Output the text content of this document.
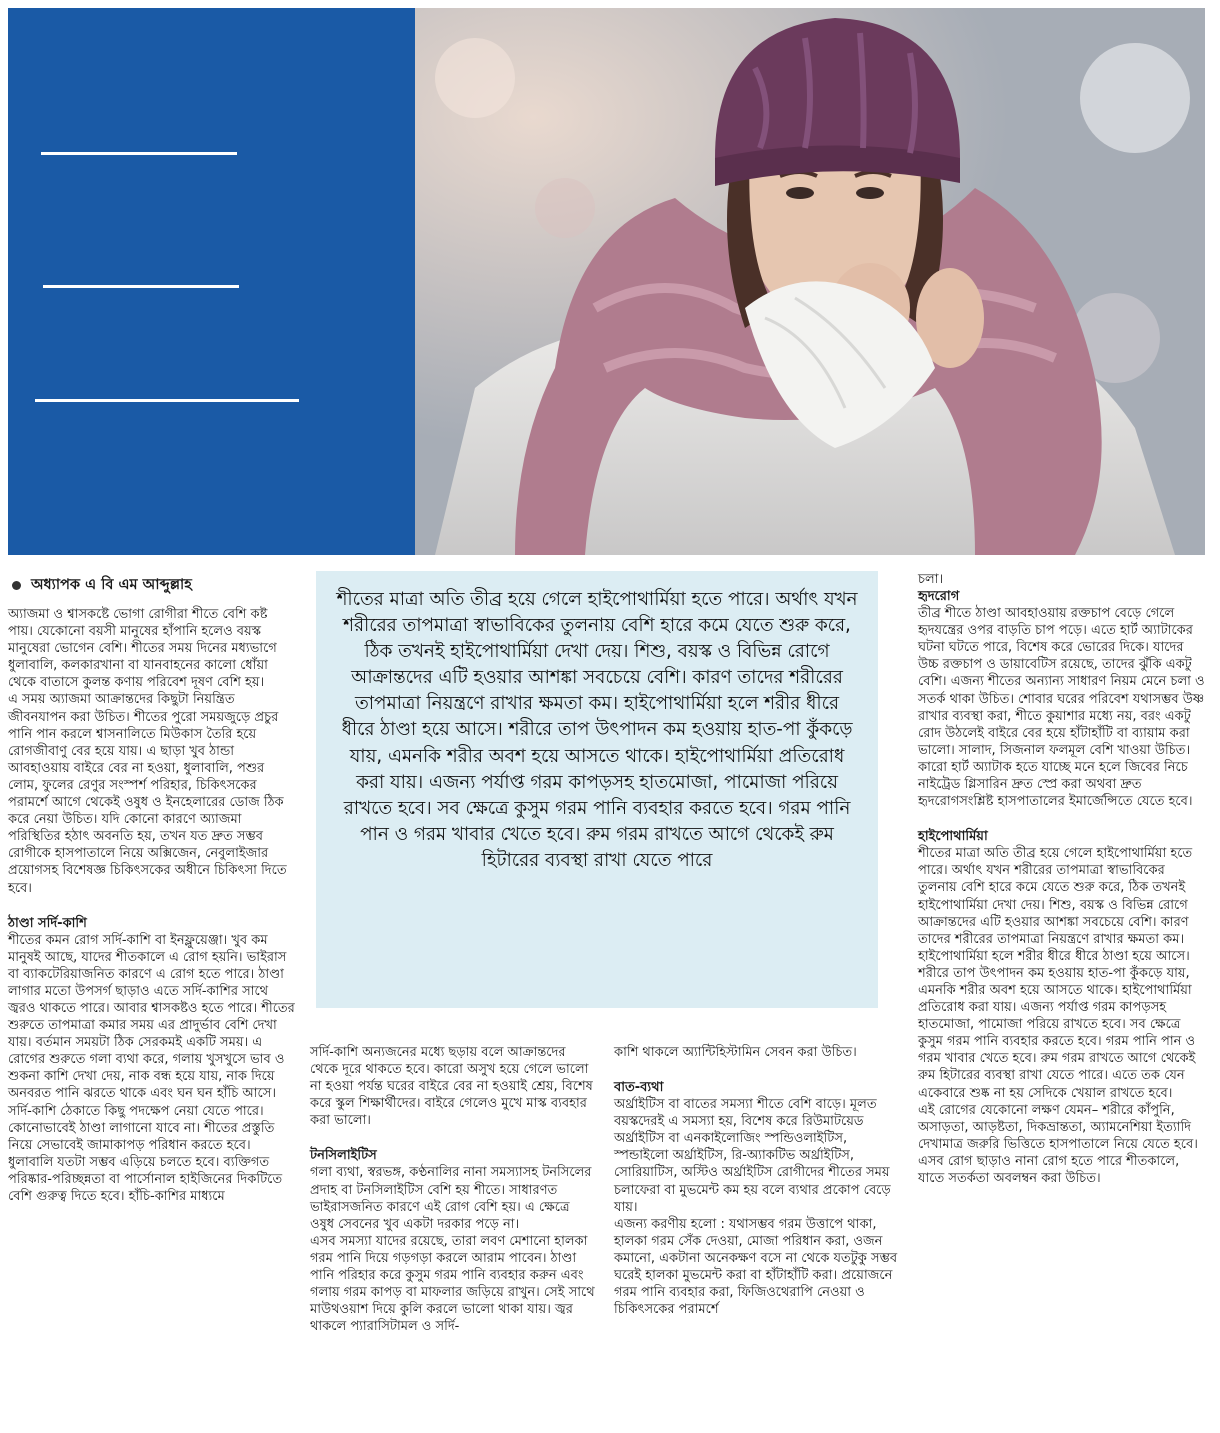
অধ্যাপক এ বি এম আব্দুল্লাহ

অ্যাজমা ও শ্বাসকষ্টে ভোগা রোগীরা শীতে বেশি কষ্ট পায়। যেকোনো বয়সী মানুষের হাঁপানি হলেও বয়স্ক মানুষেরা ভোগেন বেশি। শীতের সময় দিনের মধ্যভাগে ধুলাবালি, কলকারখানা বা যানবাহনের কালো ধোঁয়া থেকে বাতাসে কুলন্ত কণায় পরিবেশ দূষণ বেশি হয়।

এ সময় অ্যাজমা আক্রান্তদের কিছুটা নিয়ন্ত্রিত জীবনযাপন করা উচিত। শীতের পুরো সময়জুড়ে প্রচুর পানি পান করলে শ্বাসনালিতে মিউকাস তৈরি হয়ে রোগজীবাণু বের হয়ে যায়। এ ছাড়া খুব ঠান্ডা আবহাওয়ায় বাইরে বের না হওয়া, ধুলাবালি, পশুর লোম, ফুলের রেণুর সংস্পর্শ পরিহার, চিকিৎসকের পরামর্শে আগে থেকেই ওষুধ ও ইনহেলারের ডোজ ঠিক করে নেয়া উচিত। যদি কোনো কারণে অ্যাজমা পরিস্থিতির হঠাৎ অবনতি হয়, তখন যত দ্রুত সম্ভব রোগীকে হাসপাতালে নিয়ে অক্সিজেন, নেবুলাইজার প্রয়োগসহ বিশেষজ্ঞ চিকিৎসকের অধীনে চিকিৎসা দিতে হবে।

ঠাণ্ডা সর্দি-কাশি

শীতের কমন রোগ সর্দি-কাশি বা ইনফ্লুয়েঞ্জা। খুব কম মানুষই আছে, যাদের শীতকালে এ রোগ হয়নি। ভাইরাস বা ব্যাকটেরিয়াজনিত কারণে এ রোগ হতে পারে। ঠাণ্ডা লাগার মতো উপসর্গ ছাড়াও এতে সর্দি-কাশির সাথে জ্বরও থাকতে পারে। আবার শ্বাসকষ্টও হতে পারে। শীতের শুরুতে তাপমাত্রা কমার সময় এর প্রাদুর্ভাব বেশি দেখা যায়। বর্তমান সময়টা ঠিক সেরকমই একটি সময়। এ রোগের শুরুতে গলা ব্যথা করে, গলায় খুসখুসে ভাব ও শুকনা কাশি দেখা দেয়, নাক বন্ধ হয়ে যায়, নাক দিয়ে অনবরত পানি ঝরতে থাকে এবং ঘন ঘন হাঁচি আসে।

সর্দি-কাশি ঠেকাতে কিছু পদক্ষেপ নেয়া যেতে পারে। কোনোভাবেই ঠাণ্ডা লাগানো যাবে না। শীতের প্রস্তুতি নিয়ে সেভাবেই জামাকাপড় পরিধান করতে হবে। ধুলাবালি যতটা সম্ভব এড়িয়ে চলতে হবে। ব্যক্তিগত পরিষ্কার-পরিচ্ছন্নতা বা পার্সোনাল হাইজিনের দিকটিতে বেশি গুরুত্ব দিতে হবে। হাঁচি-কাশির মাধ্যমে

শীতের মাত্রা অতি তীব্র হয়ে গেলে হাইপোথার্মিয়া হতে পারে। অর্থাৎ যখন শরীরের তাপমাত্রা স্বাভাবিকের তুলনায় বেশি হারে কমে যেতে শুরু করে, ঠিক তখনই হাইপোথার্মিয়া দেখা দেয়। শিশু, বয়স্ক ও বিভিন্ন রোগে আক্রান্তদের এটি হওয়ার আশঙ্কা সবচেয়ে বেশি। কারণ তাদের শরীরের তাপমাত্রা নিয়ন্ত্রণে রাখার ক্ষমতা কম। হাইপোথার্মিয়া হলে শরীর ধীরে ধীরে ঠাণ্ডা হয়ে আসে। শরীরে তাপ উৎপাদন কম হওয়ায় হাত-পা কুঁকড়ে যায়, এমনকি শরীর অবশ হয়ে আসতে থাকে। হাইপোথার্মিয়া প্রতিরোধ করা যায়। এজন্য পর্যাপ্ত গরম কাপড়সহ হাতমোজা, পামোজা পরিয়ে রাখতে হবে। সব ক্ষেত্রে কুসুম গরম পানি ব্যবহার করতে হবে। গরম পানি পান ও গরম খাবার খেতে হবে। রুম গরম রাখতে আগে থেকেই রুম হিটারের ব্যবস্থা রাখা যেতে পারে

সর্দি-কাশি অন্যজনের মধ্যে ছড়ায় বলে আক্রান্তদের থেকে দূরে থাকতে হবে। কারো অসুখ হয়ে গেলে ভালো না হওয়া পর্যন্ত ঘরের বাইরে বের না হওয়াই শ্রেয়, বিশেষ করে স্কুল শিক্ষার্থীদের। বাইরে গেলেও মুখে মাস্ক ব্যবহার করা ভালো।

টনসিলাইটিস

গলা ব্যথা, স্বরভঙ্গ, কণ্ঠনালির নানা সমস্যাসহ টনসিলের প্রদাহ বা টনসিলাইটিস বেশি হয় শীতে। সাধারণত ভাইরাসজনিত কারণে এই রোগ বেশি হয়। এ ক্ষেত্রে ওষুধ সেবনের খুব একটা দরকার পড়ে না।

এসব সমস্যা যাদের রয়েছে, তারা লবণ মেশানো হালকা গরম পানি দিয়ে গড়গড়া করলে আরাম পাবেন। ঠাণ্ডা পানি পরিহার করে কুসুম গরম পানি ব্যবহার করুন এবং গলায় গরম কাপড় বা মাফলার জড়িয়ে রাখুন। সেই সাথে মাউথওয়াশ দিয়ে কুলি করলে ভালো থাকা যায়। জ্বর থাকলে প্যারাসিটামল ও সর্দি-

কাশি থাকলে অ্যান্টিহিস্টামিন সেবন করা উচিত।

বাত-ব্যথা

অর্থ্রাইটিস বা বাতের সমস্যা শীতে বেশি বাড়ে। মূলত বয়স্কদেরই এ সমস্যা হয়, বিশেষ করে রিউমাটয়েড অর্থ্রাইটিস বা এনকাইলোজিং স্পন্ডিওলাইটিস, স্পন্ডাইলো অর্থ্রাইটিস, রি-অ্যাকটিভ অর্থ্রাইটিস, সোরিয়াটিস, অস্টিও অর্থ্রাইটিস রোগীদের শীতের সময় চলাফেরা বা মুভমেন্ট কম হয় বলে ব্যথার প্রকোপ বেড়ে যায়।

এজন্য করণীয় হলো : যথাসম্ভব গরম উত্তাপে থাকা, হালকা গরম সেঁক দেওয়া, মোজা পরিধান করা, ওজন কমানো, একটানা অনেকক্ষণ বসে না থেকে যতটুকু সম্ভব ঘরেই হালকা মুভমেন্ট করা বা হাঁটাহাঁটি করা। প্রয়োজনে গরম পানি ব্যবহার করা, ফিজিওথেরাপি নেওয়া ও চিকিৎসকের পরামর্শে

চলা।

হৃদরোগ

তীব্র শীতে ঠাণ্ডা আবহাওয়ায় রক্তচাপ বেড়ে গেলে হৃদযন্ত্রের ওপর বাড়তি চাপ পড়ে। এতে হার্ট অ্যাটাকের ঘটনা ঘটতে পারে, বিশেষ করে ভোরের দিকে। যাদের উচ্চ রক্তচাপ ও ডায়াবেটিস রয়েছে, তাদের ঝুঁকি একটু বেশি। এজন্য শীতের অন্যান্য সাধারণ নিয়ম মেনে চলা ও সতর্ক থাকা উচিত। শোবার ঘরের পরিবেশ যথাসম্ভব উষ্ণ রাখার ব্যবস্থা করা, শীতে কুয়াশার মধ্যে নয়, বরং একটু রোদ উঠলেই বাইরে বের হয়ে হাঁটাহাঁটি বা ব্যায়াম করা ভালো। সালাদ, সিজনাল ফলমূল বেশি খাওয়া উচিত। কারো হার্ট অ্যাটাক হতে যাচ্ছে মনে হলে জিবের নিচে নাইট্রেড গ্লিসারিন দ্রুত স্প্রে করা অথবা দ্রুত হৃদরোগসংশ্লিষ্ট হাসপাতালের ইমার্জেন্সিতে যেতে হবে।

হাইপোথার্মিয়া

শীতের মাত্রা অতি তীব্র হয়ে গেলে হাইপোথার্মিয়া হতে পারে। অর্থাৎ যখন শরীরের তাপমাত্রা স্বাভাবিকের তুলনায় বেশি হারে কমে যেতে শুরু করে, ঠিক তখনই হাইপোথার্মিয়া দেখা দেয়। শিশু, বয়স্ক ও বিভিন্ন রোগে আক্রান্তদের এটি হওয়ার আশঙ্কা সবচেয়ে বেশি। কারণ তাদের শরীরের তাপমাত্রা নিয়ন্ত্রণে রাখার ক্ষমতা কম। হাইপোথার্মিয়া হলে শরীর ধীরে ধীরে ঠাণ্ডা হয়ে আসে। শরীরে তাপ উৎপাদন কম হওয়ায় হাত-পা কুঁকড়ে যায়, এমনকি শরীর অবশ হয়ে আসতে থাকে। হাইপোথার্মিয়া প্রতিরোধ করা যায়। এজন্য পর্যাপ্ত গরম কাপড়সহ হাতমোজা, পামোজা পরিয়ে রাখতে হবে। সব ক্ষেত্রে কুসুম গরম পানি ব্যবহার করতে হবে। গরম পানি পান ও গরম খাবার খেতে হবে। রুম গরম রাখতে আগে থেকেই রুম হিটারের ব্যবস্থা রাখা যেতে পারে। এতে তক যেন একেবারে শুষ্ক না হয় সেদিকে খেয়াল রাখতে হবে।

এই রোগের যেকোনো লক্ষণ যেমন– শরীরে কাঁপুনি, অসাড়তা, আড়ষ্টতা, দিকভ্রান্ততা, অ্যামনেশিয়া ইত্যাদি দেখামাত্র জরুরি ভিত্তিতে হাসপাতালে নিয়ে যেতে হবে।

এসব রোগ ছাড়াও নানা রোগ হতে পারে শীতকালে, যাতে সতর্কতা অবলম্বন করা উচিত।
